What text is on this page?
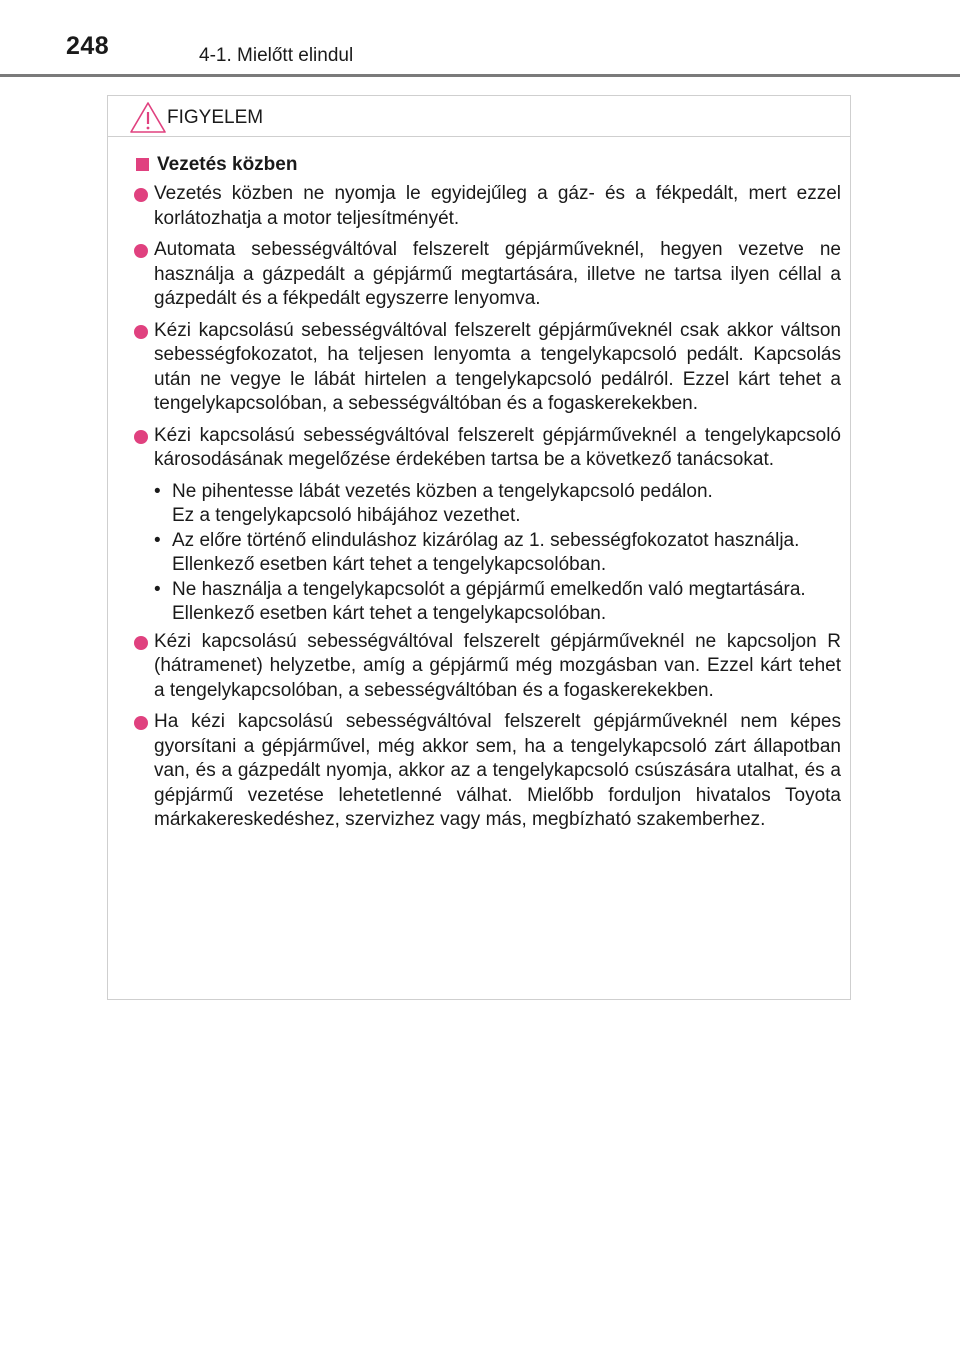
248	4-1. Mielőtt elindul
FIGYELEM
Vezetés közben
Vezetés közben ne nyomja le egyidejűleg a gáz- és a fékpedált, mert ezzel korlátozhatja a motor teljesítményét.
Automata sebességváltóval felszerelt gépjárműveknél, hegyen vezetve ne használja a gázpedált a gépjármű megtartására, illetve ne tartsa ilyen céllal a gázpedált és a fékpedált egyszerre lenyomva.
Kézi kapcsolású sebességváltóval felszerelt gépjárműveknél csak akkor váltson sebességfokozatot, ha teljesen lenyomta a tengelykapcsoló pedált. Kapcsolás után ne vegye le lábát hirtelen a tengelykapcsoló pedálról. Ezzel kárt tehet a tengelykapcsolóban, a sebességváltóban és a fogaskerekekben.
Kézi kapcsolású sebességváltóval felszerelt gépjárműveknél a tengelykapcsoló károsodásának megelőzése érdekében tartsa be a következő tanácsokat.
• Ne pihentesse lábát vezetés közben a tengelykapcsoló pedálon.
Ez a tengelykapcsoló hibájához vezethet.
• Az előre történő elinduláshoz kizárólag az 1. sebességfokozatot használja.
Ellenkező esetben kárt tehet a tengelykapcsolóban.
• Ne használja a tengelykapcsolót a gépjármű emelkedőn való megtartására.
Ellenkező esetben kárt tehet a tengelykapcsolóban.
Kézi kapcsolású sebességváltóval felszerelt gépjárműveknél ne kapcsoljon R (hátramenet) helyzetbe, amíg a gépjármű még mozgásban van. Ezzel kárt tehet a tengelykapcsolóban, a sebességváltóban és a fogaskerekekben.
Ha kézi kapcsolású sebességváltóval felszerelt gépjárműveknél nem képes gyorsítani a gépjárművel, még akkor sem, ha a tengelykapcsoló zárt állapotban van, és a gázpedált nyomja, akkor az a tengelykapcsoló csúszására utalhat, és a gépjármű vezetése lehetetlenné válhat. Mielőbb forduljon hivatalos Toyota márkakereskedéshez, szervizhez vagy más, megbízható szakemberhez.
